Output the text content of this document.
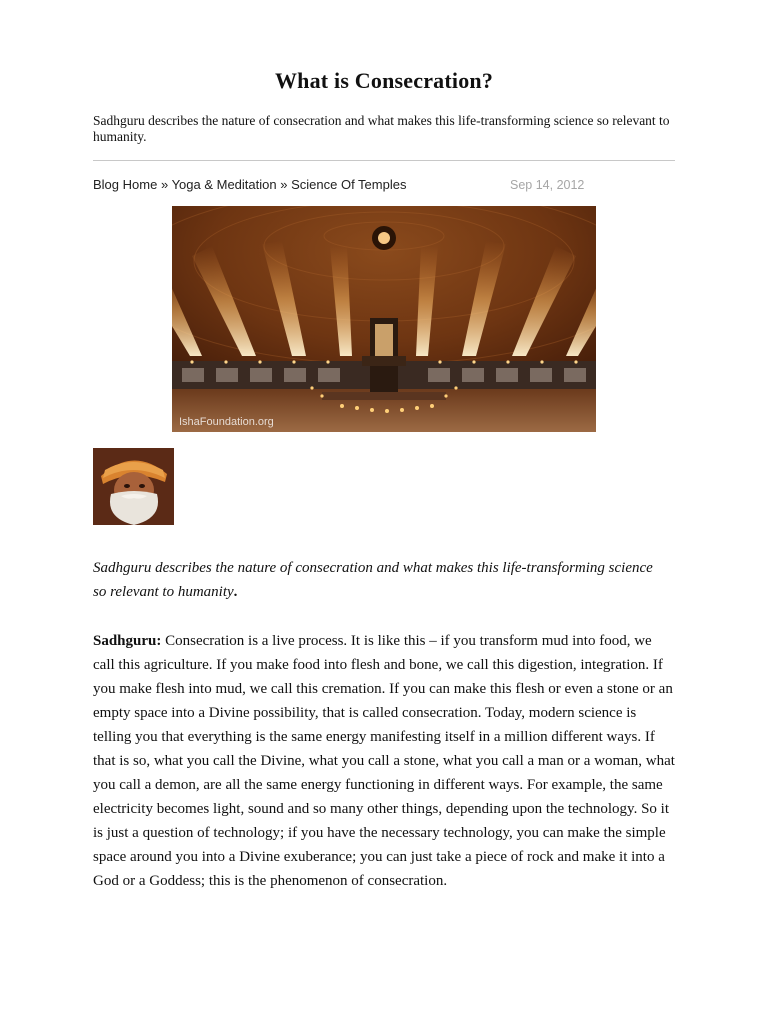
What is Consecration?

Sadhguru describes the nature of consecration and what makes this life-transforming science so relevant to humanity.

Blog Home » Yoga & Meditation » Science Of Temples	Sep 14, 2012
IshaFoundation.org

Sadhguru describes the nature of consecration and what makes this life-transforming science so relevant to humanity.

Sadhguru: Consecration is a live process. It is like this – if you transform mud into food, we call this agriculture. If you make food into flesh and bone, we call this digestion, integration. If you make flesh into mud, we call this cremation. If you can make this flesh or even a stone or an empty space into a Divine possibility, that is called consecration. Today, modern science is telling you that everything is the same energy manifesting itself in a million different ways. If that is so, what you call the Divine, what you call a stone, what you call a man or a woman, what you call a demon, are all the same energy functioning in different ways. For example, the same electricity becomes light, sound and so many other things, depending upon the technology. So it is just a question of technology; if you have the necessary technology, you can make the simple space around you into a Divine exuberance; you can just take a piece of rock and make it into a God or a Goddess; this is the phenomenon of consecration.
